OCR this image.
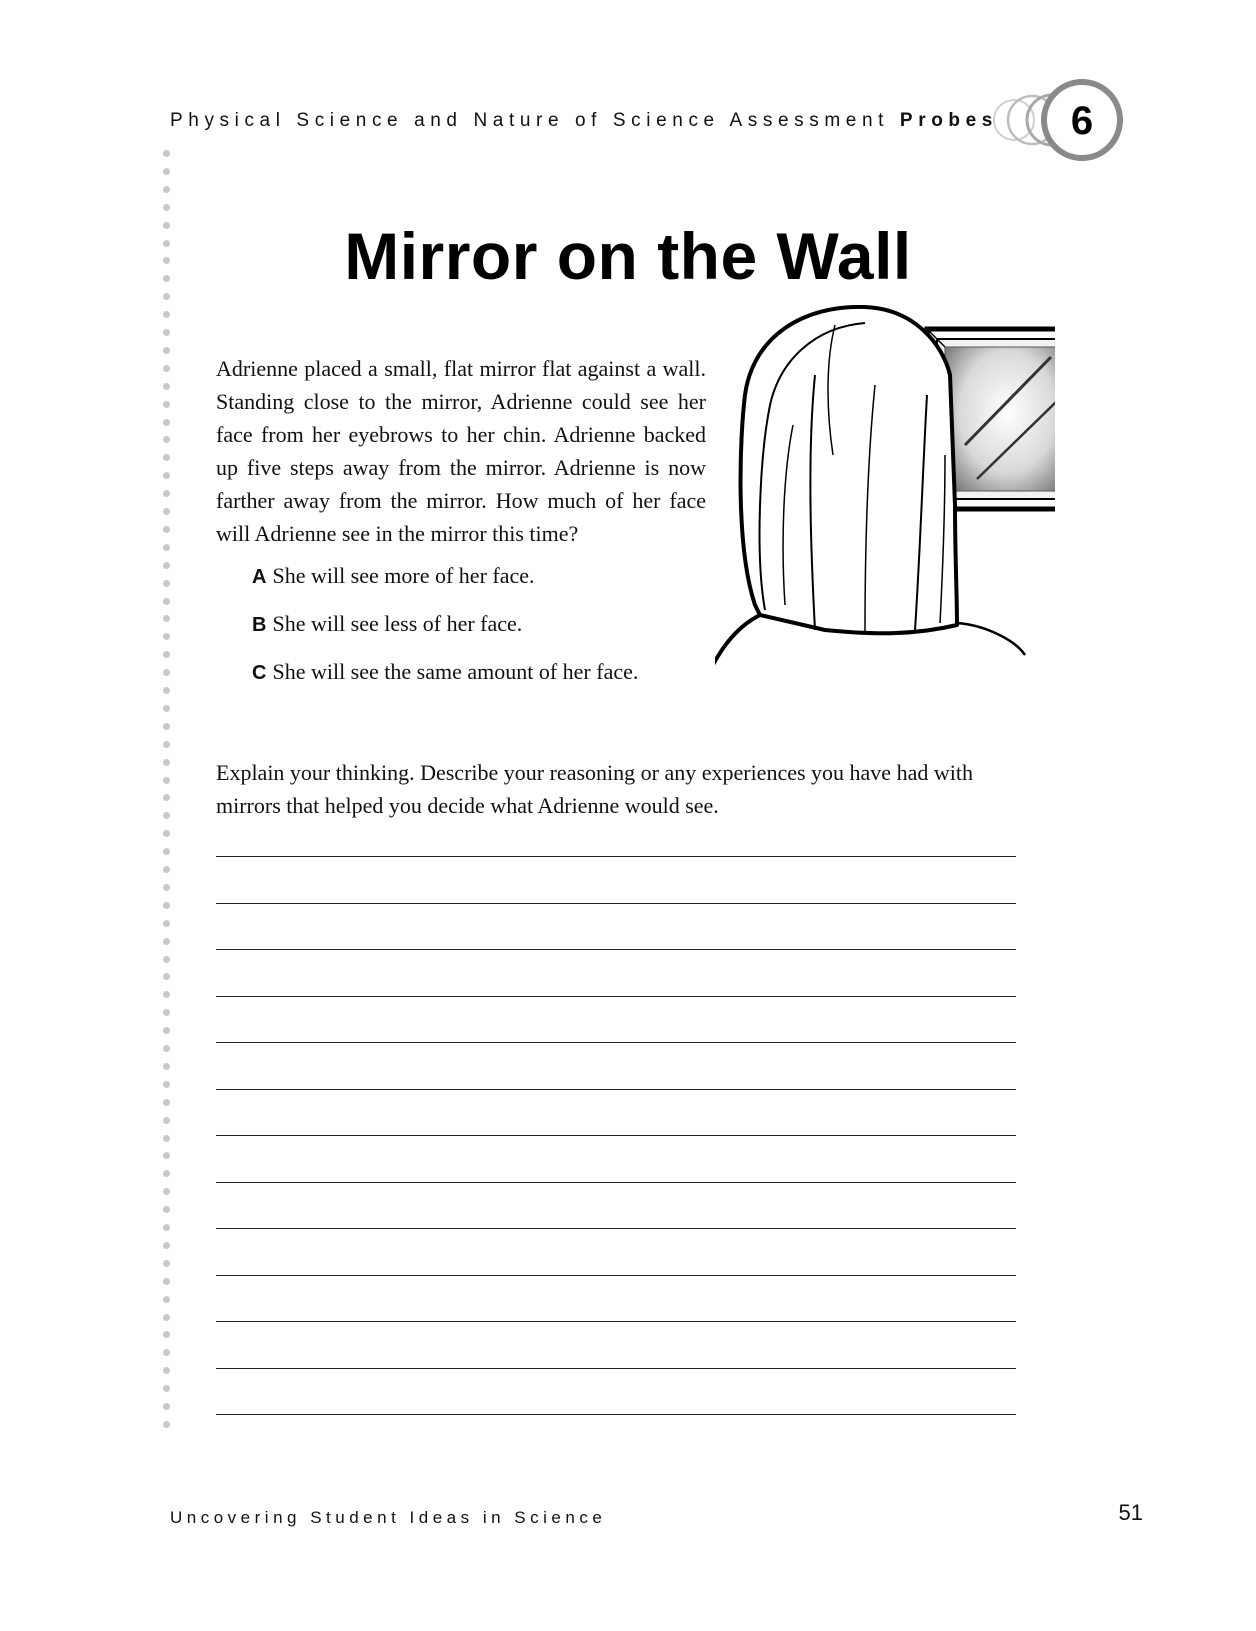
Physical Science and Nature of Science Assessment Probes 6
Mirror on the Wall

Adrienne placed a small, flat mirror flat against a wall. Standing close to the mirror, Adrienne could see her face from her eyebrows to her chin. Adrienne backed up five steps away from the mirror. Adrienne is now farther away from the mirror. How much of her face will Adrienne see in the mirror this time?

A She will see more of her face.
B She will see less of her face.
C She will see the same amount of her face.

Explain your thinking. Describe your reasoning or any experiences you have had with mirrors that helped you decide what Adrienne would see.

Uncovering Student Ideas in Science	51
